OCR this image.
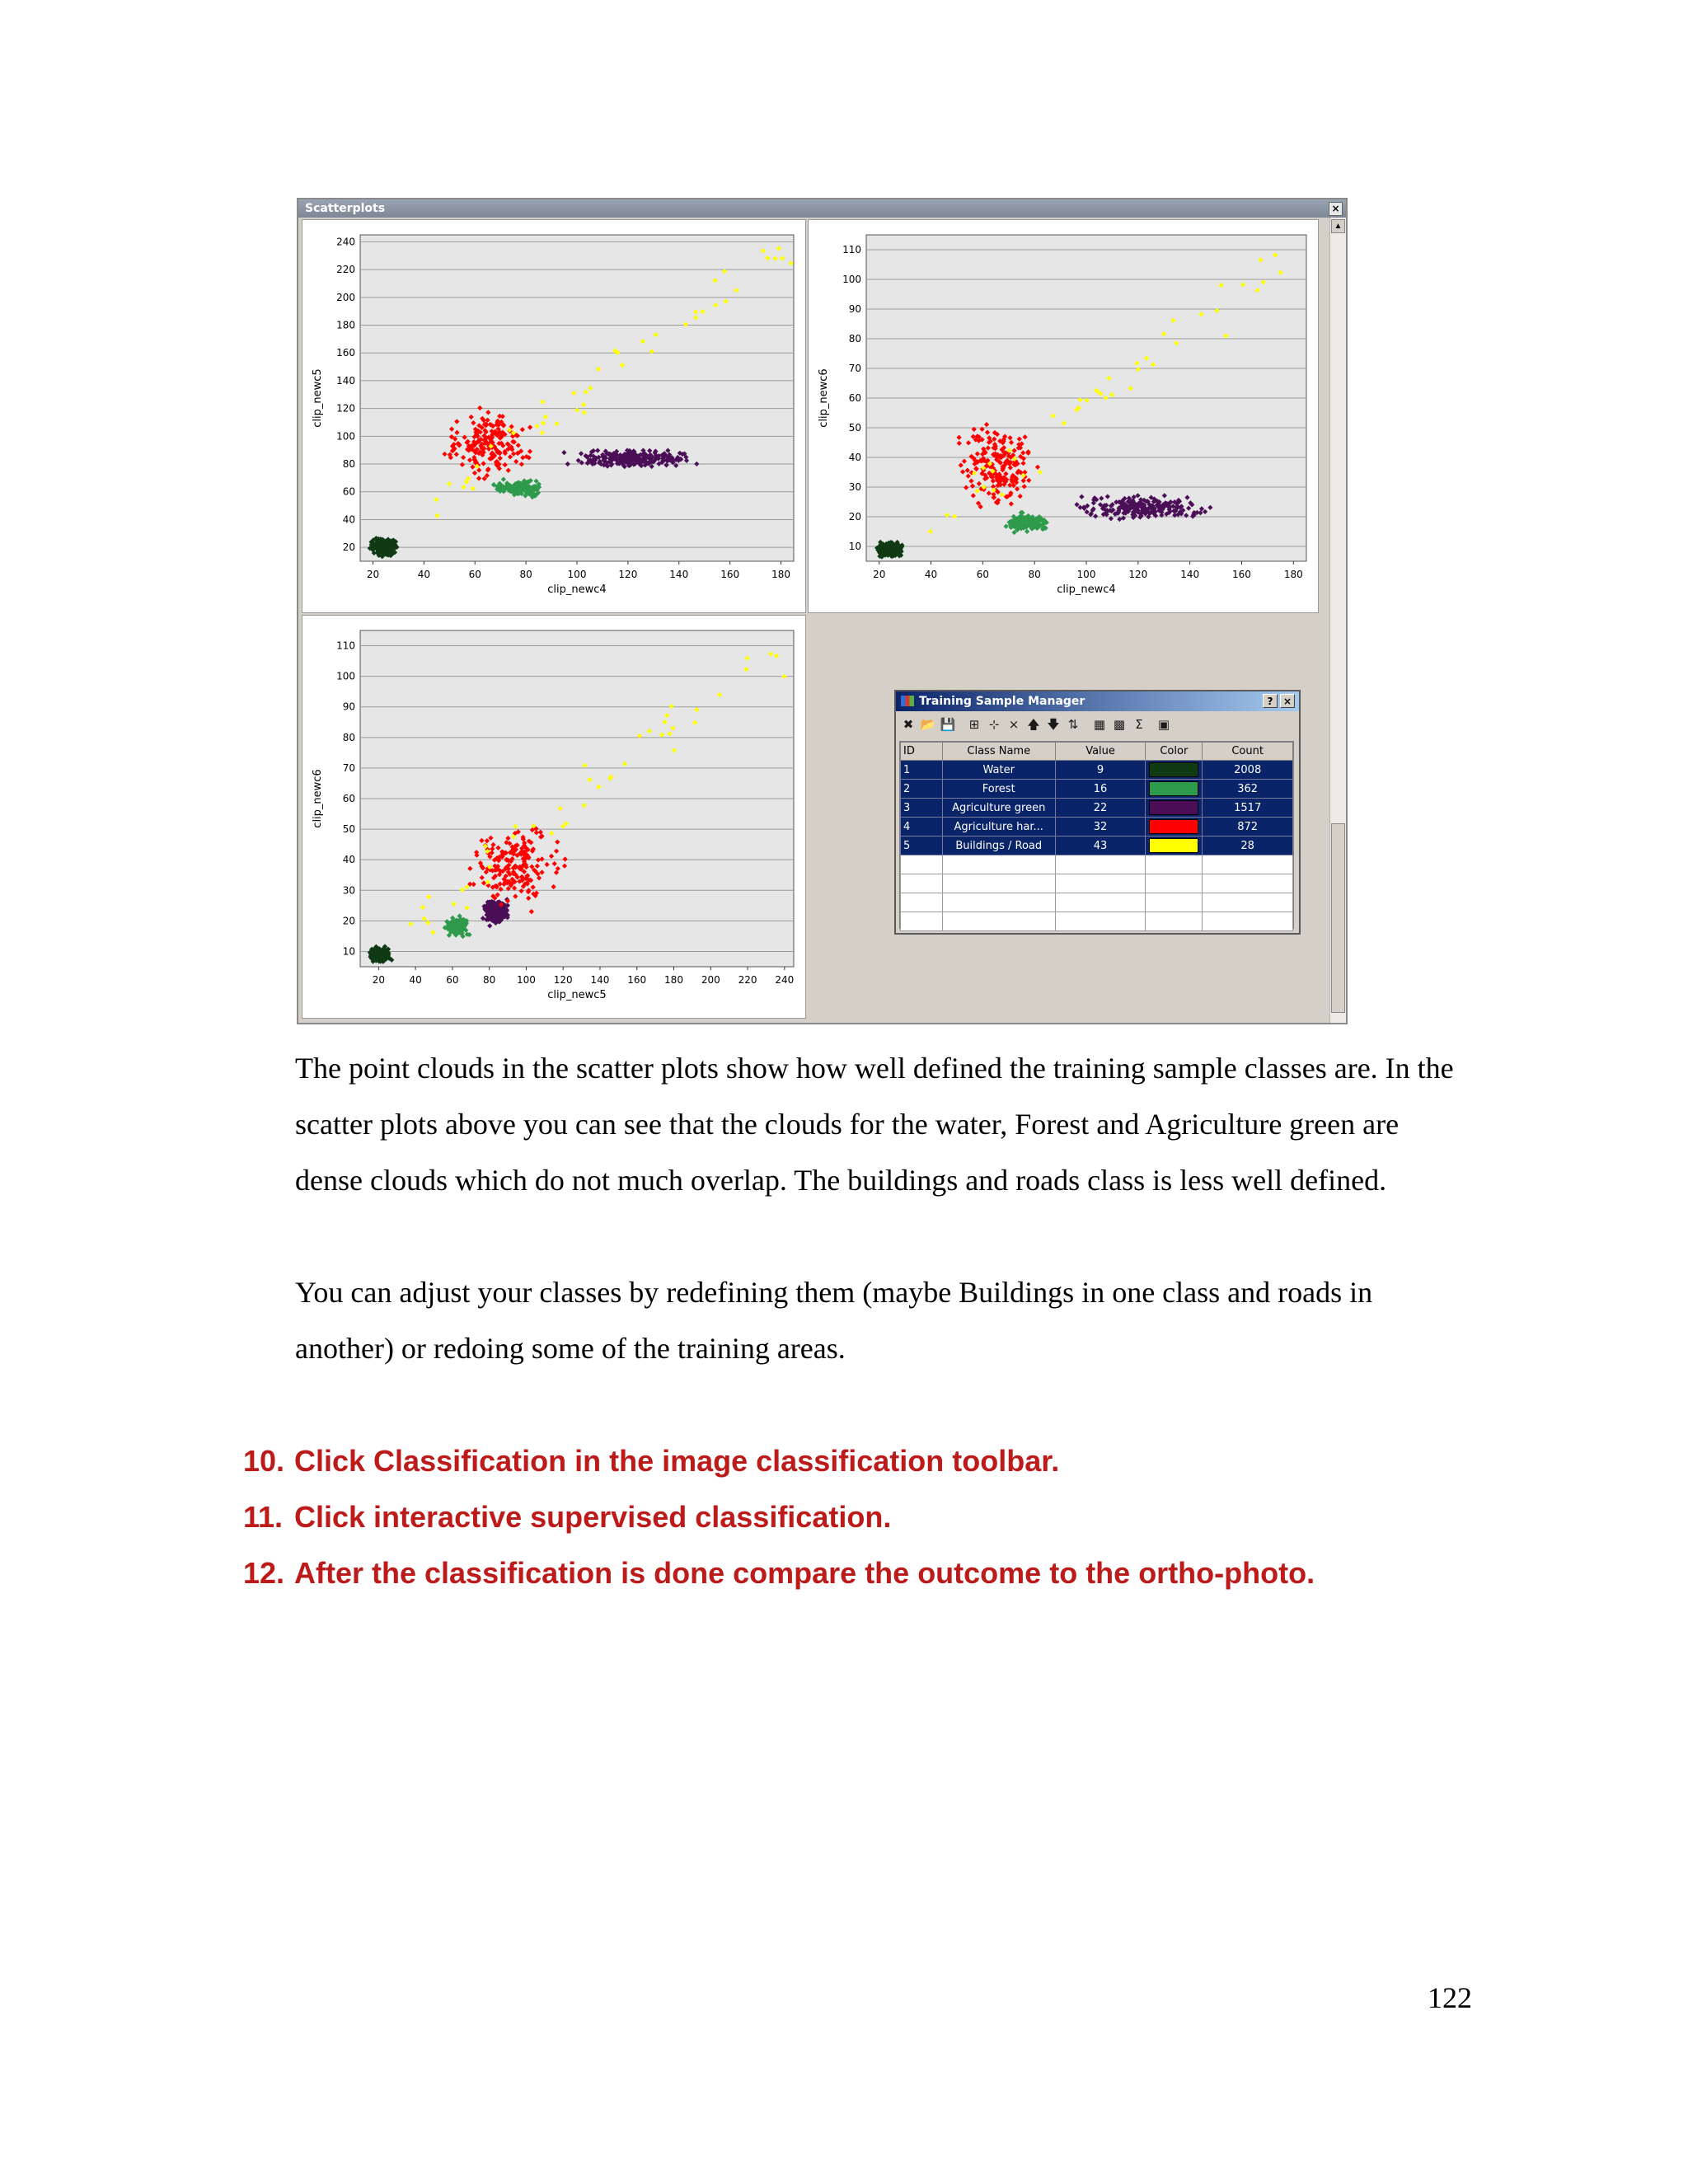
Scatterplots	×
20
40
60
80
100
120
140
160
180
200
220
240
20	40	60	80	100	120	140	160	180
clip_newc4
clip_newc5
10
20
30
40
50
60
70
80
90
100
110
20	40	60	80	100	120	140	160	180
clip_newc4
clip_newc6
10
20
30
40
50
60
70
80
90
100
110
20 40 60 80 100 120 140 160 180 200 220 240
clip_newc5
clip_newc6
▲
Training Sample Manager	?	×
✖ 📂 💾	⊞ ⊹ × 🡅 🡇 ⇅	▦ ▩ Σ	▣
ID	Class Name	Value	Color	Count
1	Water	9		2008
2	Forest	16		362
3	Agriculture green	22		1517
4	Agriculture har...	32		872
5	Buildings / Road	43		28

The point clouds in the scatter plots show how well defined the training sample classes are. In the scatter plots above you can see that the clouds for the water, Forest and Agriculture green are dense clouds which do not much overlap. The buildings and roads class is less well defined.

You can adjust your classes by redefining them (maybe Buildings in one class and roads in another) or redoing some of the training areas.

10. Click Classification in the image classification toolbar.
11. Click interactive supervised classification.
12. After the classification is done compare the outcome to the ortho-photo.
122
